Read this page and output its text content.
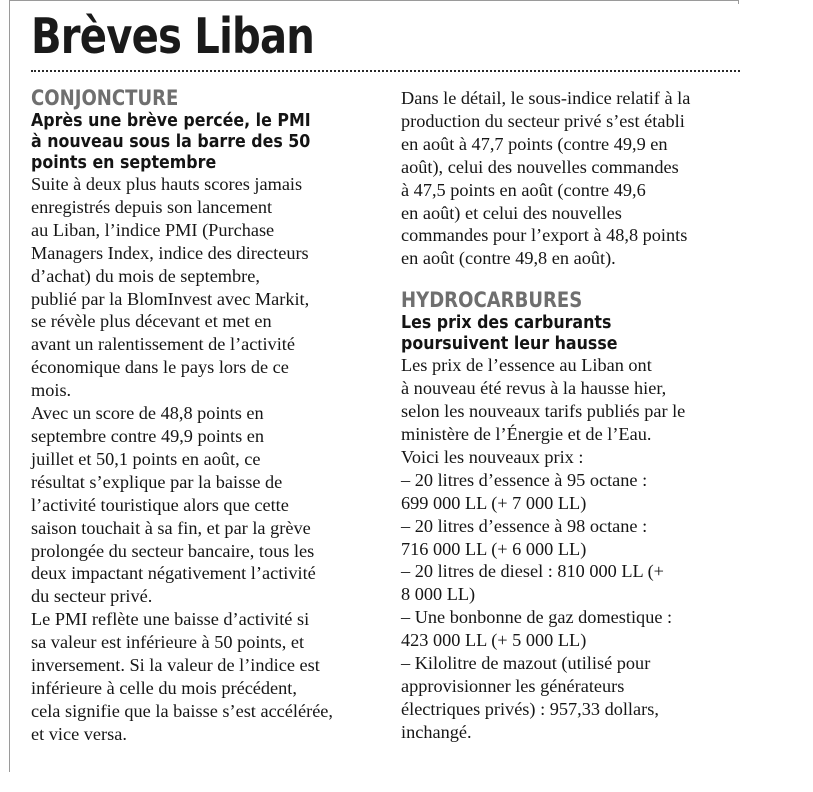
Brèves Liban
CONJONCTURE
Après une brève percée, le PMI
à nouveau sous la barre des 50
points en septembre
Suite à deux plus hauts scores jamais
enregistrés depuis son lancement
au Liban, l’indice PMI (Purchase
Managers Index, indice des directeurs
d’achat) du mois de septembre,
publié par la BlomInvest avec Markit,
se révèle plus décevant et met en
avant un ralentissement de l’activité
économique dans le pays lors de ce
mois.
Avec un score de 48,8 points en
septembre contre 49,9 points en
juillet et 50,1 points en août, ce
résultat s’explique par la baisse de
l’activité touristique alors que cette
saison touchait à sa fin, et par la grève
prolongée du secteur bancaire, tous les
deux impactant négativement l’activité
du secteur privé.
Le PMI reflète une baisse d’activité si
sa valeur est inférieure à 50 points, et
inversement. Si la valeur de l’indice est
inférieure à celle du mois précédent,
cela signifie que la baisse s’est accélérée,
et vice versa.
Dans le détail, le sous-indice relatif à la
production du secteur privé s’est établi
en août à 47,7 points (contre 49,9 en
août), celui des nouvelles commandes
à 47,5 points en août (contre 49,6
en août) et celui des nouvelles
commandes pour l’export à 48,8 points
en août (contre 49,8 en août).
HYDROCARBURES
Les prix des carburants
poursuivent leur hausse
Les prix de l’essence au Liban ont
à nouveau été revus à la hausse hier,
selon les nouveaux tarifs publiés par le
ministère de l’Énergie et de l’Eau.
Voici les nouveaux prix :
– 20 litres d’essence à 95 octane :
699 000 LL (+ 7 000 LL)
– 20 litres d’essence à 98 octane :
716 000 LL (+ 6 000 LL)
– 20 litres de diesel : 810 000 LL (+
8 000 LL)
– Une bonbonne de gaz domestique :
423 000 LL (+ 5 000 LL)
– Kilolitre de mazout (utilisé pour
approvisionner les générateurs
électriques privés) : 957,33 dollars,
inchangé.
